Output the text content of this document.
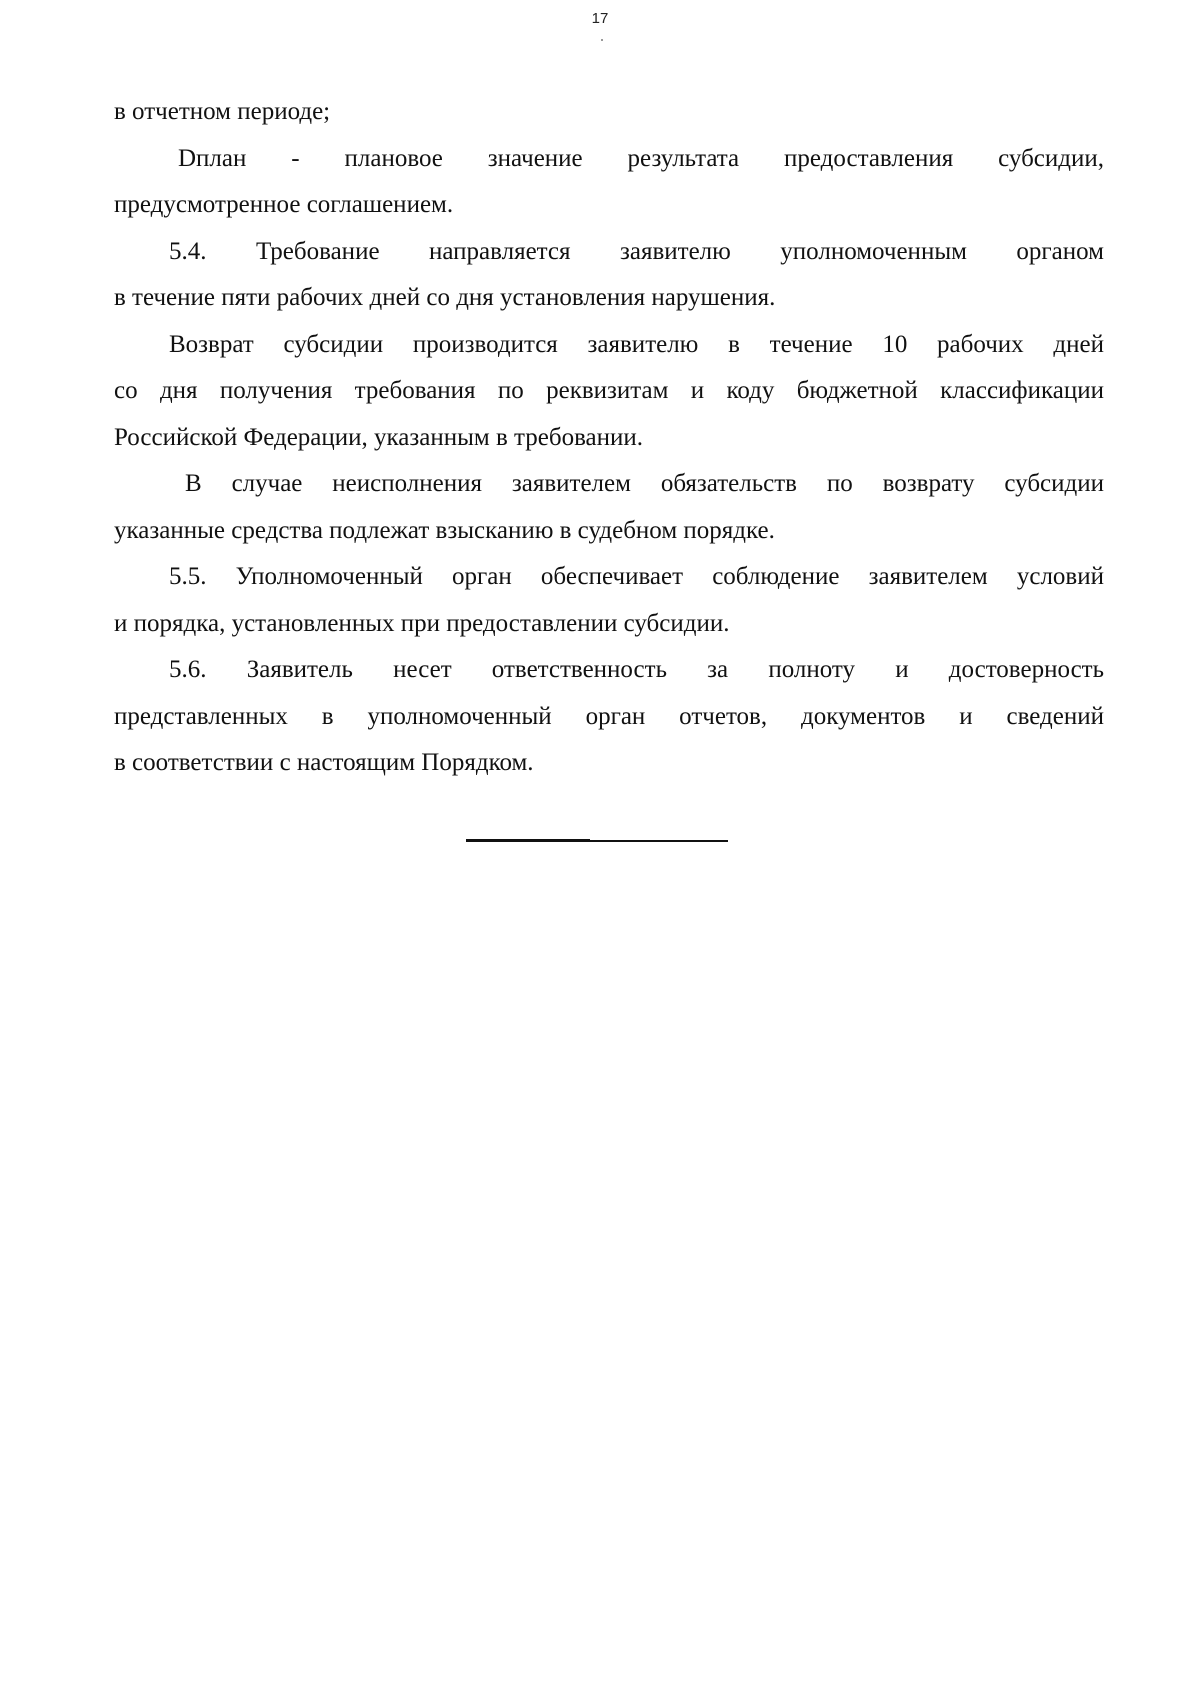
17
в отчетном периоде;
Dплан - плановое значение результата предоставления субсидии,
предусмотренное соглашением.
5.4. Требование направляется заявителю уполномоченным органом
в течение пяти рабочих дней со дня установления нарушения.
Возврат субсидии производится заявителю в течение 10 рабочих дней
со дня получения требования по реквизитам и коду бюджетной классификации
Российской Федерации, указанным в требовании.
В случае неисполнения заявителем обязательств по возврату субсидии
указанные средства подлежат взысканию в судебном порядке.
5.5. Уполномоченный орган обеспечивает соблюдение заявителем условий
и порядка, установленных при предоставлении субсидии.
5.6. Заявитель несет ответственность за полноту и достоверность
представленных в уполномоченный орган отчетов, документов и сведений
в соответствии с настоящим Порядком.
